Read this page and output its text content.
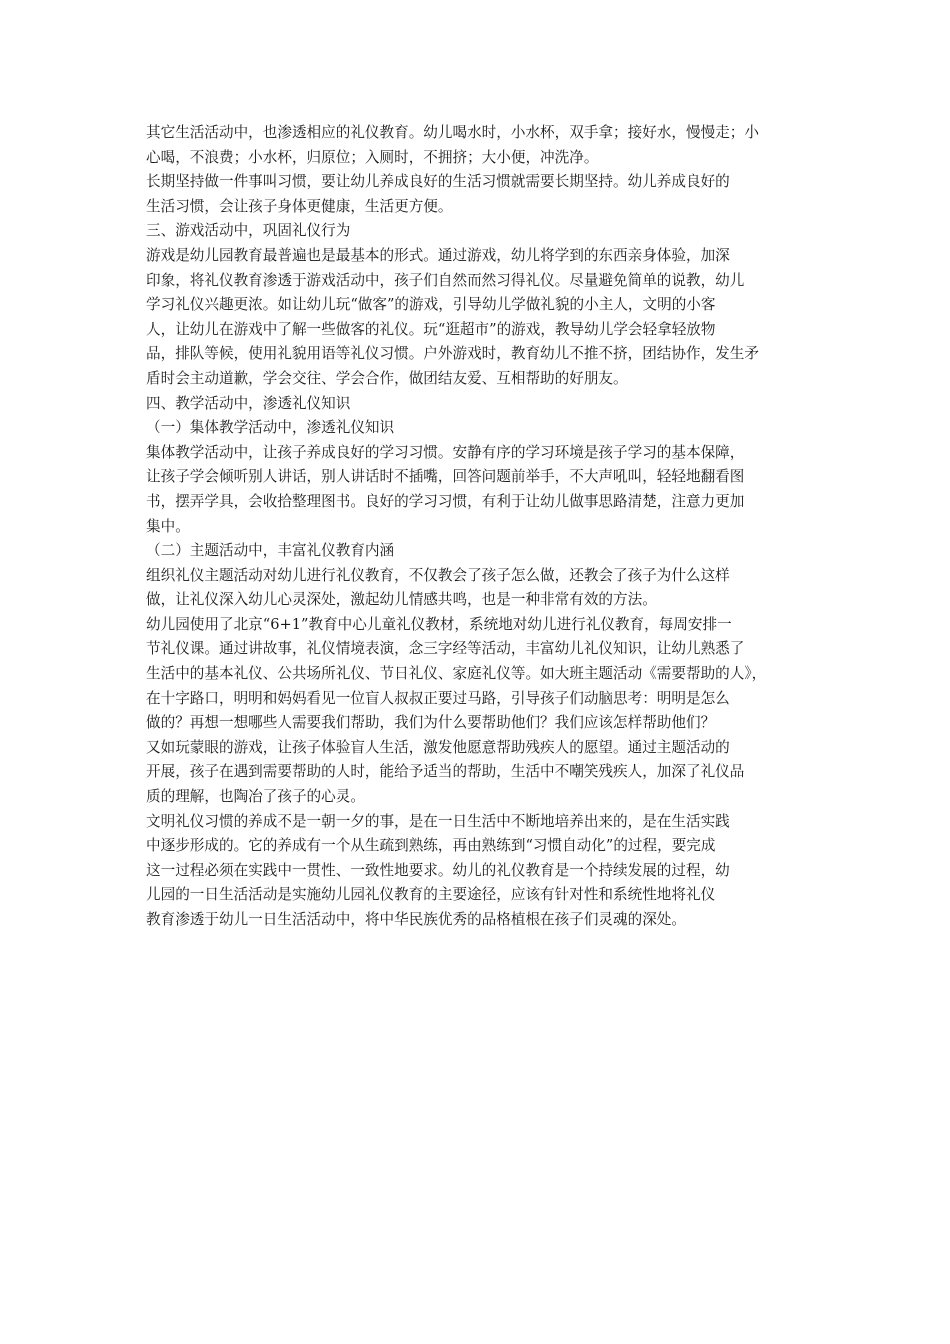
其它生活活动中，也渗透相应的礼仪教育。幼儿喝水时，小水杯，双手拿；接好水，慢慢走；小
心喝，不浪费；小水杯，归原位；入厕时，不拥挤；大小便，冲洗净。

长期坚持做一件事叫习惯，要让幼儿养成良好的生活习惯就需要长期坚持。幼儿养成良好的
生活习惯，会让孩子身体更健康，生活更方便。

三、游戏活动中，巩固礼仪行为

游戏是幼儿园教育最普遍也是最基本的形式。通过游戏，幼儿将学到的东西亲身体验，加深
印象，将礼仪教育渗透于游戏活动中，孩子们自然而然习得礼仪。尽量避免简单的说教，幼儿
学习礼仪兴趣更浓。如让幼儿玩“做客”的游戏，引导幼儿学做礼貌的小主人，文明的小客
人，让幼儿在游戏中了解一些做客的礼仪。玩“逛超市”的游戏，教导幼儿学会轻拿轻放物
品，排队等候，使用礼貌用语等礼仪习惯。户外游戏时，教育幼儿不推不挤，团结协作，发生矛
盾时会主动道歉，学会交往、学会合作，做团结友爱、互相帮助的好朋友。

四、教学活动中，渗透礼仪知识

（一）集体教学活动中，渗透礼仪知识

集体教学活动中，让孩子养成良好的学习习惯。安静有序的学习环境是孩子学习的基本保障，
让孩子学会倾听别人讲话，别人讲话时不插嘴，回答问题前举手，不大声吼叫，轻轻地翻看图
书，摆弄学具，会收拾整理图书。良好的学习习惯，有利于让幼儿做事思路清楚，注意力更加
集中。

（二）主题活动中，丰富礼仪教育内涵

组织礼仪主题活动对幼儿进行礼仪教育，不仅教会了孩子怎么做，还教会了孩子为什么这样
做，让礼仪深入幼儿心灵深处，激起幼儿情感共鸣，也是一种非常有效的方法。

幼儿园使用了北京“6+1”教育中心儿童礼仪教材，系统地对幼儿进行礼仪教育，每周安排一
节礼仪课。通过讲故事，礼仪情境表演，念三字经等活动，丰富幼儿礼仪知识，让幼儿熟悉了
生活中的基本礼仪、公共场所礼仪、节日礼仪、家庭礼仪等。如大班主题活动《需要帮助的人》，
在十字路口，明明和妈妈看见一位盲人叔叔正要过马路，引导孩子们动脑思考：明明是怎么
做的？再想一想哪些人需要我们帮助，我们为什么要帮助他们？我们应该怎样帮助他们？

又如玩蒙眼的游戏，让孩子体验盲人生活，激发他愿意帮助残疾人的愿望。通过主题活动的
开展，孩子在遇到需要帮助的人时，能给予适当的帮助，生活中不嘲笑残疾人，加深了礼仪品
质的理解，也陶冶了孩子的心灵。

文明礼仪习惯的养成不是一朝一夕的事，是在一日生活中不断地培养出来的，是在生活实践
中逐步形成的。它的养成有一个从生疏到熟练，再由熟练到“习惯自动化”的过程，要完成
这一过程必须在实践中一贯性、一致性地要求。幼儿的礼仪教育是一个持续发展的过程，幼
儿园的一日生活活动是实施幼儿园礼仪教育的主要途径，应该有针对性和系统性地将礼仪
教育渗透于幼儿一日生活活动中，将中华民族优秀的品格植根在孩子们灵魂的深处。
